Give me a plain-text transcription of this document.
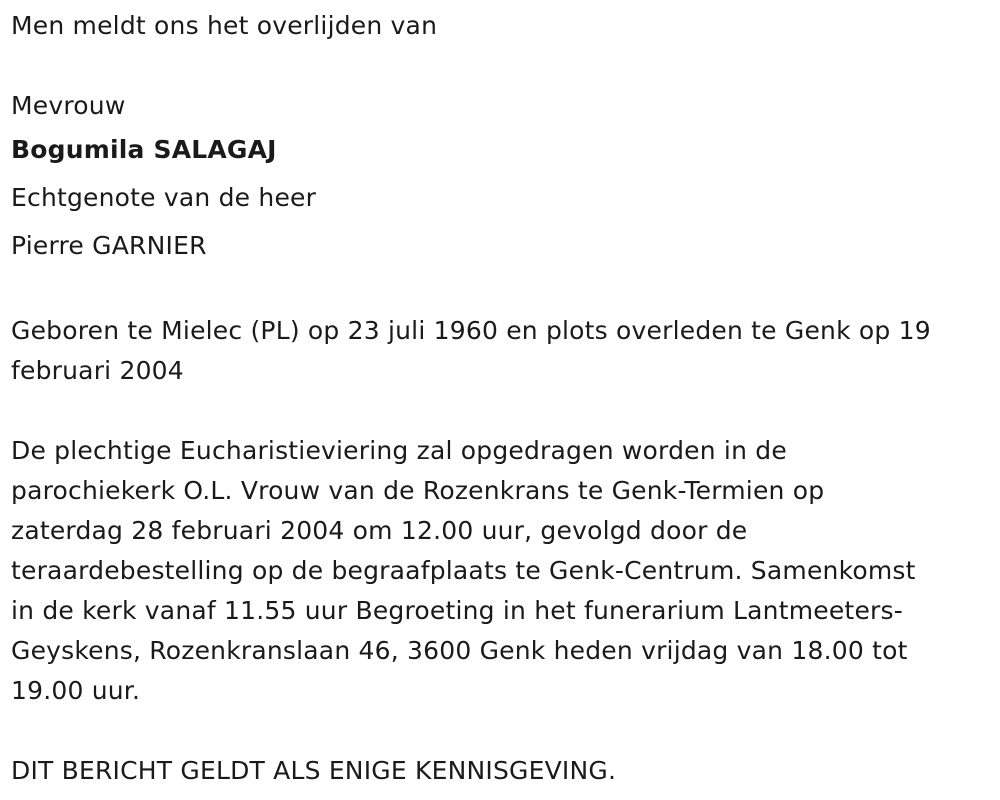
Men meldt ons het overlijden van

Mevrouw

Bogumila SALAGAJ

Echtgenote van de heer

Pierre GARNIER

Geboren te Mielec (PL) op 23 juli 1960 en plots overleden te Genk op 19 februari 2004

De plechtige Eucharistieviering zal opgedragen worden in de

parochiekerk O.L. Vrouw van de Rozenkrans te Genk-Termien op

zaterdag 28 februari 2004 om 12.00 uur, gevolgd door de

teraardebestelling op de begraafplaats te Genk-Centrum. Samenkomst

in de kerk vanaf 11.55 uur Begroeting in het funerarium Lantmeeters-

Geyskens, Rozenkranslaan 46, 3600 Genk heden vrijdag van 18.00 tot

19.00 uur.

DIT BERICHT GELDT ALS ENIGE KENNISGEVING.
